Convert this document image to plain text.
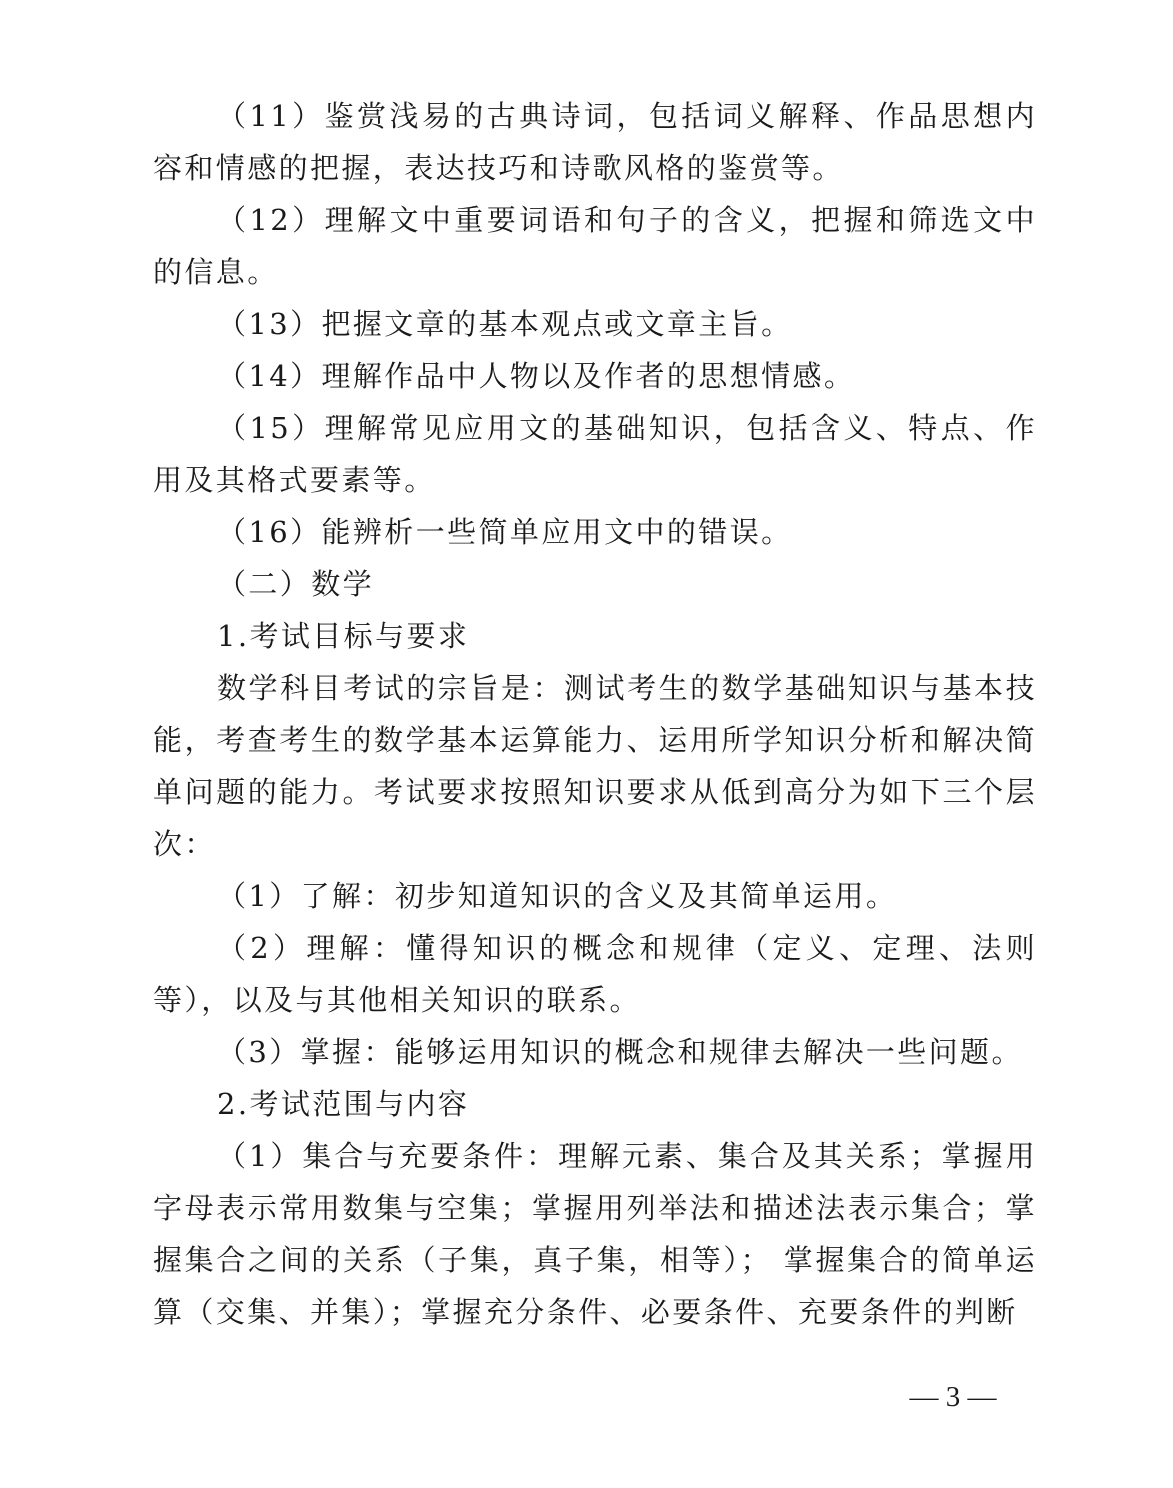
（11）鉴赏浅易的古典诗词，包括词义解释、作品思想内容和情感的把握，表达技巧和诗歌风格的鉴赏等。

（12）理解文中重要词语和句子的含义，把握和筛选文中的信息。

（13）把握文章的基本观点或文章主旨。

（14）理解作品中人物以及作者的思想情感。

（15）理解常见应用文的基础知识，包括含义、特点、作用及其格式要素等。

（16）能辨析一些简单应用文中的错误。

（二）数学

1.考试目标与要求

数学科目考试的宗旨是：测试考生的数学基础知识与基本技能，考查考生的数学基本运算能力、运用所学知识分析和解决简单问题的能力。考试要求按照知识要求从低到高分为如下三个层次：

（1）了解：初步知道知识的含义及其简单运用。

（2）理解：懂得知识的概念和规律（定义、定理、法则等），以及与其他相关知识的联系。

（3）掌握：能够运用知识的概念和规律去解决一些问题。

2.考试范围与内容

（1）集合与充要条件：理解元素、集合及其关系；掌握用字母表示常用数集与空集；掌握用列举法和描述法表示集合；掌握集合之间的关系（子集，真子集，相等）； 掌握集合的简单运算（交集、并集）；掌握充分条件、必要条件、充要条件的判断

— 3 —
